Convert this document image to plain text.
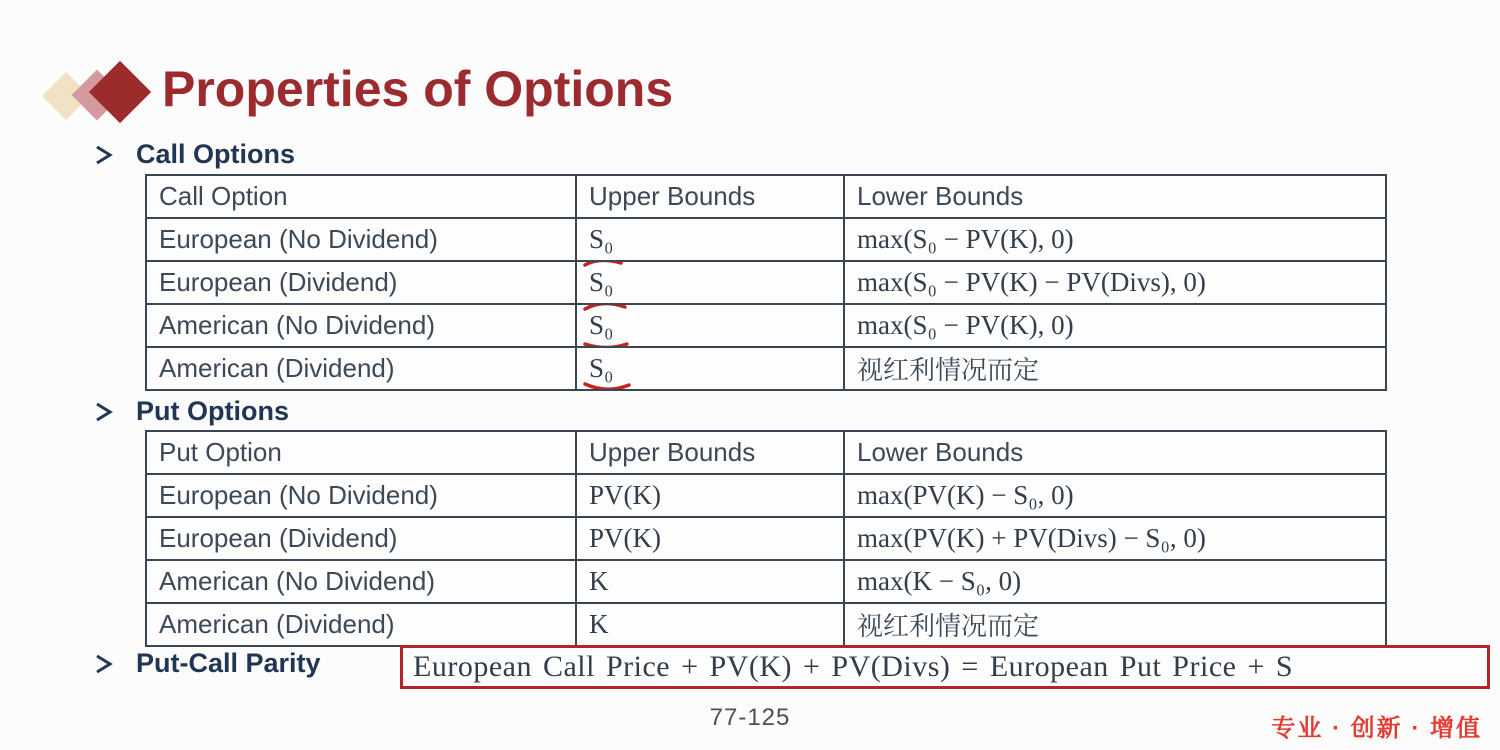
Properties of Options
Call Options
Call Option	Upper Bounds	Lower Bounds
European (No Dividend)	S₀	max(S₀ − PV(K), 0)
European (Dividend)	S₀	max(S₀ − PV(K) − PV(Divs), 0)
American (No Dividend)	S₀	max(S₀ − PV(K), 0)
American (Dividend)	S₀	视红利情况而定
Put Options
Put Option	Upper Bounds	Lower Bounds
European (No Dividend)	PV(K)	max(PV(K) − S₀, 0)
European (Dividend)	PV(K)	max(PV(K) + PV(Divs) − S₀, 0)
American (No Dividend)	K	max(K − S₀, 0)
American (Dividend)	K	视红利情况而定
Put-Call Parity	European Call Price + PV(K) + PV(Divs) = European Put Price + S
77-125	专业 · 创新 · 增值
